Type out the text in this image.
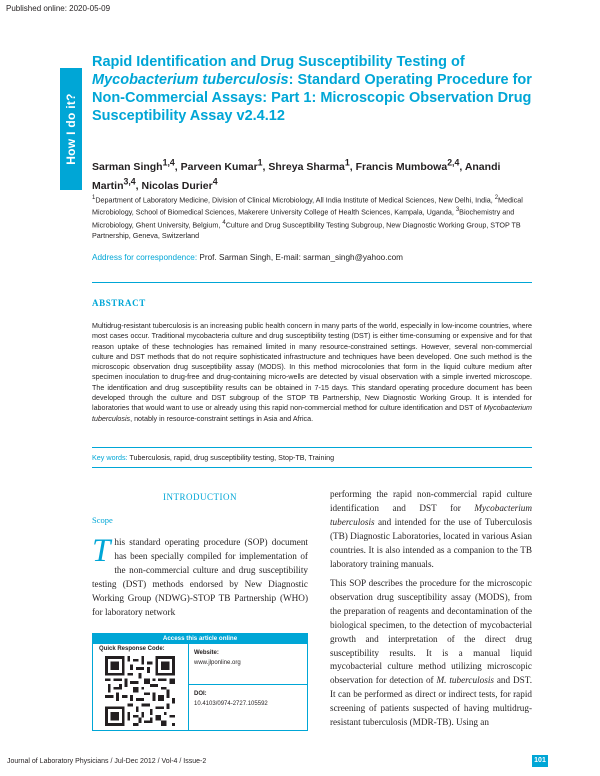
Published online: 2020-05-09
How I do it?
Rapid Identification and Drug Susceptibility Testing of Mycobacterium tuberculosis: Standard Operating Procedure for Non-Commercial Assays: Part 1: Microscopic Observation Drug Susceptibility Assay v2.4.12
Sarman Singh$^{1,4}$, Parveen Kumar$^1$, Shreya Sharma$^1$, Francis Mumbowa$^{2,4}$, Anandi Martin$^{3,4}$, Nicolas Durier$^4$
$^1$Department of Laboratory Medicine, Division of Clinical Microbiology, All India Institute of Medical Sciences, New Delhi, India, $^2$Medical Microbiology, School of Biomedical Sciences, Makerere University College of Health Sciences, Kampala, Uganda, $^3$Biochemistry and Microbiology, Ghent University, Belgium, $^4$Culture and Drug Susceptibility Testing Subgroup, New Diagnostic Working Group, STOP TB Partnership, Geneva, Switzerland
Address for correspondence: Prof. Sarman Singh, E-mail: sarman_singh@yahoo.com
ABSTRACT
Multidrug-resistant tuberculosis is an increasing public health concern in many parts of the world, especially in low-income countries, where most cases occur. Traditional mycobacteria culture and drug susceptibility testing (DST) is either time-consuming or expensive and for that reason uptake of these technologies has remained limited in many resource-constrained settings. However, several non-commercial culture and DST methods that do not require sophisticated infrastructure and techniques have been developed. One such method is the microscopic observation drug susceptibility assay (MODS). In this method microcolonies that form in the liquid culture medium after specimen inoculation to drug-free and drug-containing micro-wells are detected by visual observation with a simple inverted microscope. The identification and drug susceptibility results can be obtained in 7-15 days. This standard operating procedure document has been developed through the culture and DST subgroup of the STOP TB Partnership, New Diagnostic Working Group. It is intended for laboratories that would want to use or already using this rapid non-commercial method for culture identification and DST of Mycobacterium tuberculosis, notably in resource-constraint settings in Asia and Africa.
Key words: Tuberculosis, rapid, drug susceptibility testing, Stop-TB, Training
INTRODUCTION
Scope
This standard operating procedure (SOP) document has been specially compiled for implementation of the non-commercial culture and drug susceptibility testing (DST) methods endorsed by New Diagnostic Working Group (NDWG)-STOP TB Partnership (WHO) for laboratory network
Access this article online
Quick Response Code:
Website:
www.jlponline.org
DOI:
10.4103/0974-2727.105592
performing the rapid non-commercial rapid culture identification and DST for Mycobacterium tuberculosis and intended for the use of Tuberculosis (TB) Diagnostic Laboratories, located in various Asian countries. It is also intended as a companion to the TB laboratory training manuals.
This SOP describes the procedure for the microscopic observation drug susceptibility assay (MODS), from the preparation of reagents and decontamination of the biological specimen, to the detection of mycobacterial growth and interpretation of the direct drug susceptibility results. It is a manual liquid mycobacterial culture method utilizing microscopic observation for detection of M. tuberculosis and DST. It can be performed as direct or indirect tests, for rapid screening of patients suspected of having multidrug-resistant tuberculosis (MDR-TB). Using an
Journal of Laboratory Physicians / Jul-Dec 2012 / Vol-4 / Issue-2	101
